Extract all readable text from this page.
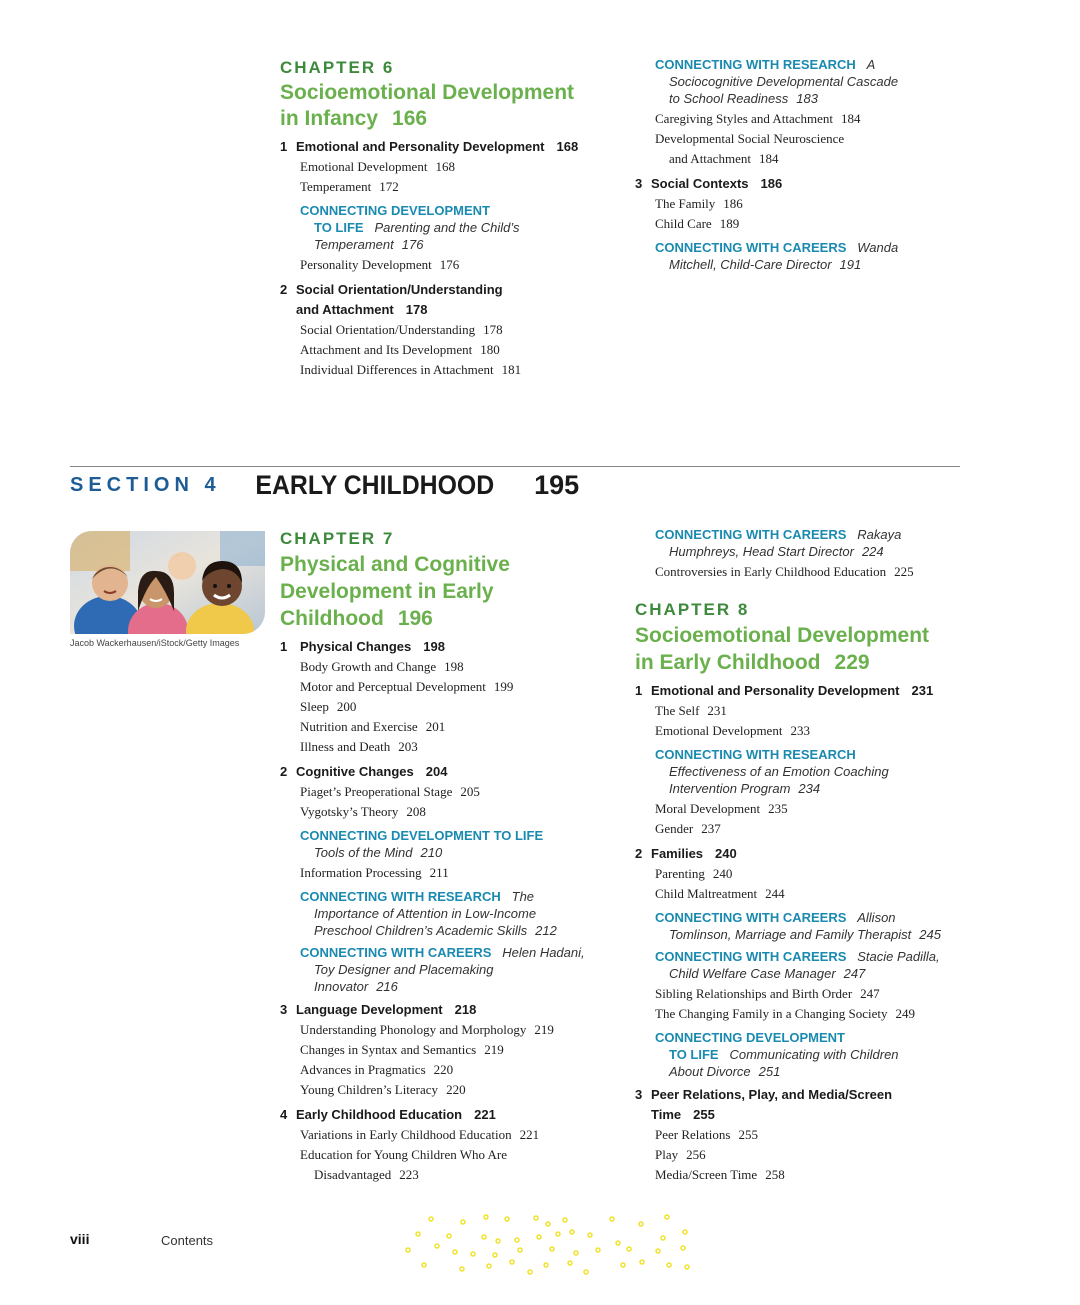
CHAPTER 6
Socioemotional Development
in Infancy 166
1 Emotional and Personality Development 168
Emotional Development 168
Temperament 172
CONNECTING DEVELOPMENT
TO LIFE Parenting and the Child’s
Temperament 176
Personality Development 176
2 Social Orientation/Understanding
and Attachment 178
Social Orientation/Understanding 178
Attachment and Its Development 180
Individual Differences in Attachment 181
CONNECTING WITH RESEARCH A
Sociocognitive Developmental Cascade
to School Readiness 183
Caregiving Styles and Attachment 184
Developmental Social Neuroscience
and Attachment 184
3 Social Contexts 186
The Family 186
Child Care 189
CONNECTING WITH CAREERS Wanda
Mitchell, Child-Care Director 191
SECTION 4 EARLY CHILDHOOD 195
Jacob Wackerhausen/iStock/Getty Images
CHAPTER 7
Physical and Cognitive
Development in Early
Childhood 196
1 Physical Changes 198
Body Growth and Change 198
Motor and Perceptual Development 199
Sleep 200
Nutrition and Exercise 201
Illness and Death 203
2 Cognitive Changes 204
Piaget’s Preoperational Stage 205
Vygotsky’s Theory 208
CONNECTING DEVELOPMENT TO LIFE
Tools of the Mind 210
Information Processing 211
CONNECTING WITH RESEARCH The
Importance of Attention in Low-Income
Preschool Children’s Academic Skills 212
CONNECTING WITH CAREERS Helen Hadani,
Toy Designer and Placemaking
Innovator 216
3 Language Development 218
Understanding Phonology and Morphology 219
Changes in Syntax and Semantics 219
Advances in Pragmatics 220
Young Children’s Literacy 220
4 Early Childhood Education 221
Variations in Early Childhood Education 221
Education for Young Children Who Are
Disadvantaged 223
CONNECTING WITH CAREERS Rakaya
Humphreys, Head Start Director 224
Controversies in Early Childhood Education 225
CHAPTER 8
Socioemotional Development
in Early Childhood 229
1 Emotional and Personality Development 231
The Self 231
Emotional Development 233
CONNECTING WITH RESEARCH
Effectiveness of an Emotion Coaching
Intervention Program 234
Moral Development 235
Gender 237
2 Families 240
Parenting 240
Child Maltreatment 244
CONNECTING WITH CAREERS Allison
Tomlinson, Marriage and Family Therapist 245
CONNECTING WITH CAREERS Stacie Padilla,
Child Welfare Case Manager 247
Sibling Relationships and Birth Order 247
The Changing Family in a Changing Society 249
CONNECTING DEVELOPMENT
TO LIFE Communicating with Children
About Divorce 251
3 Peer Relations, Play, and Media/Screen
Time 255
Peer Relations 255
Play 256
Media/Screen Time 258
viii	Contents
